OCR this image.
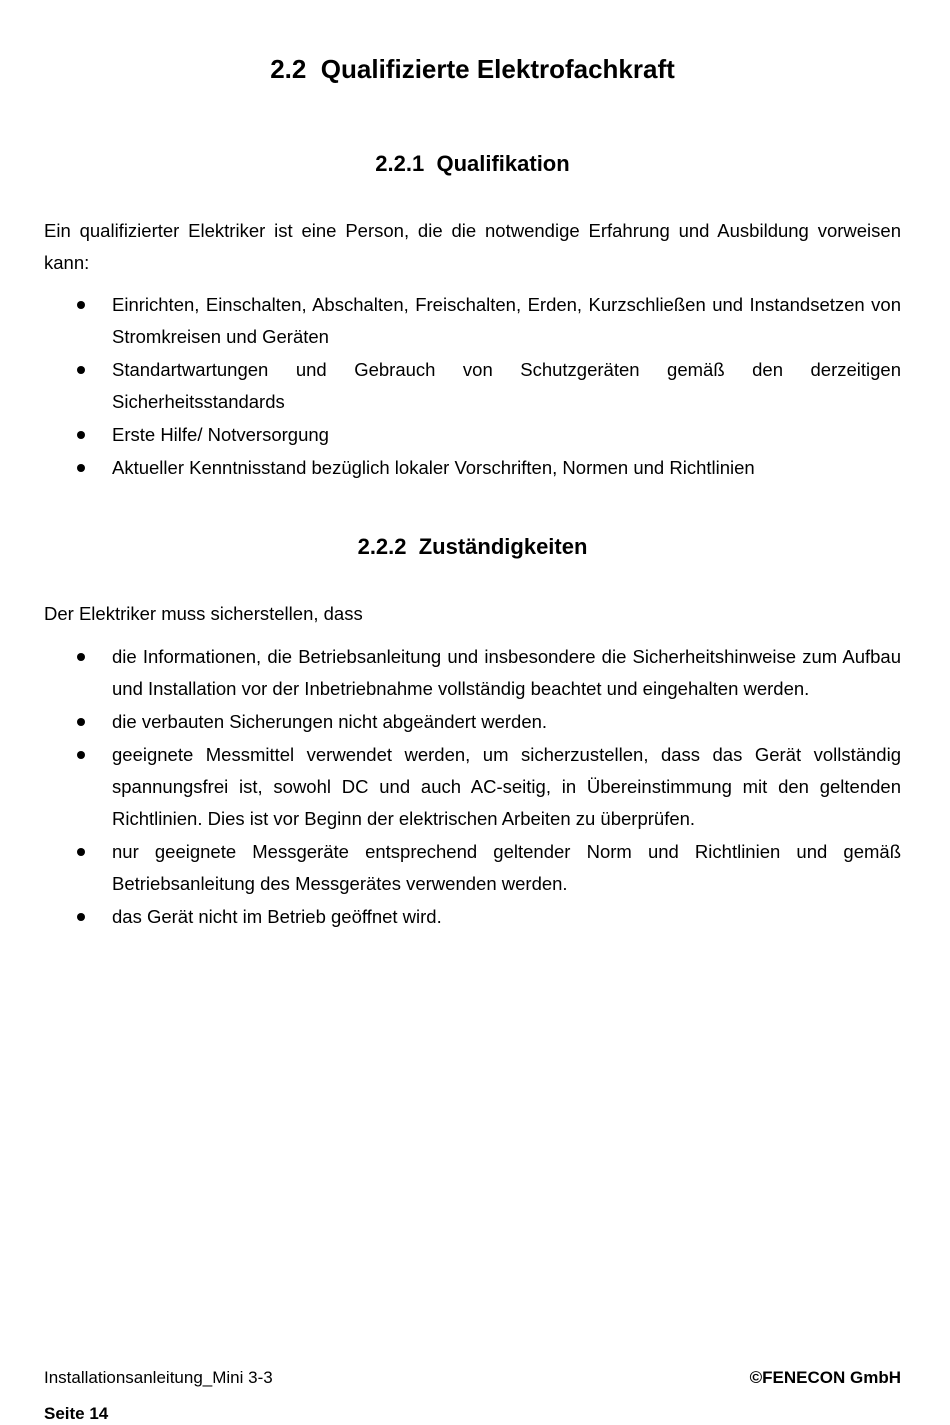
2.2  Qualifizierte Elektrofachkraft
2.2.1  Qualifikation
Ein qualifizierter Elektriker ist eine Person, die die notwendige Erfahrung und Ausbildung vorweisen kann:
Einrichten, Einschalten, Abschalten, Freischalten, Erden, Kurzschließen und Instandsetzen von Stromkreisen und Geräten
Standartwartungen und Gebrauch von Schutzgeräten gemäß den derzeitigen Sicherheitsstandards
Erste Hilfe/ Notversorgung
Aktueller Kenntnisstand bezüglich lokaler Vorschriften, Normen und Richtlinien
2.2.2  Zuständigkeiten
Der Elektriker muss sicherstellen, dass
die Informationen, die Betriebsanleitung und insbesondere die Sicherheitshinweise zum Aufbau und Installation vor der Inbetriebnahme vollständig beachtet und eingehalten werden.
die verbauten Sicherungen nicht abgeändert werden.
geeignete Messmittel verwendet werden, um sicherzustellen, dass das Gerät vollständig spannungsfrei ist, sowohl DC und auch AC-seitig, in Übereinstimmung mit den geltenden Richtlinien. Dies ist vor Beginn der elektrischen Arbeiten zu überprüfen.
nur geeignete Messgeräte entsprechend geltender Norm und Richtlinien und gemäß Betriebsanleitung des Messgerätes verwenden werden.
das Gerät nicht im Betrieb geöffnet wird.
Installationsanleitung_Mini 3-3	©FENECON GmbH
Seite 14
